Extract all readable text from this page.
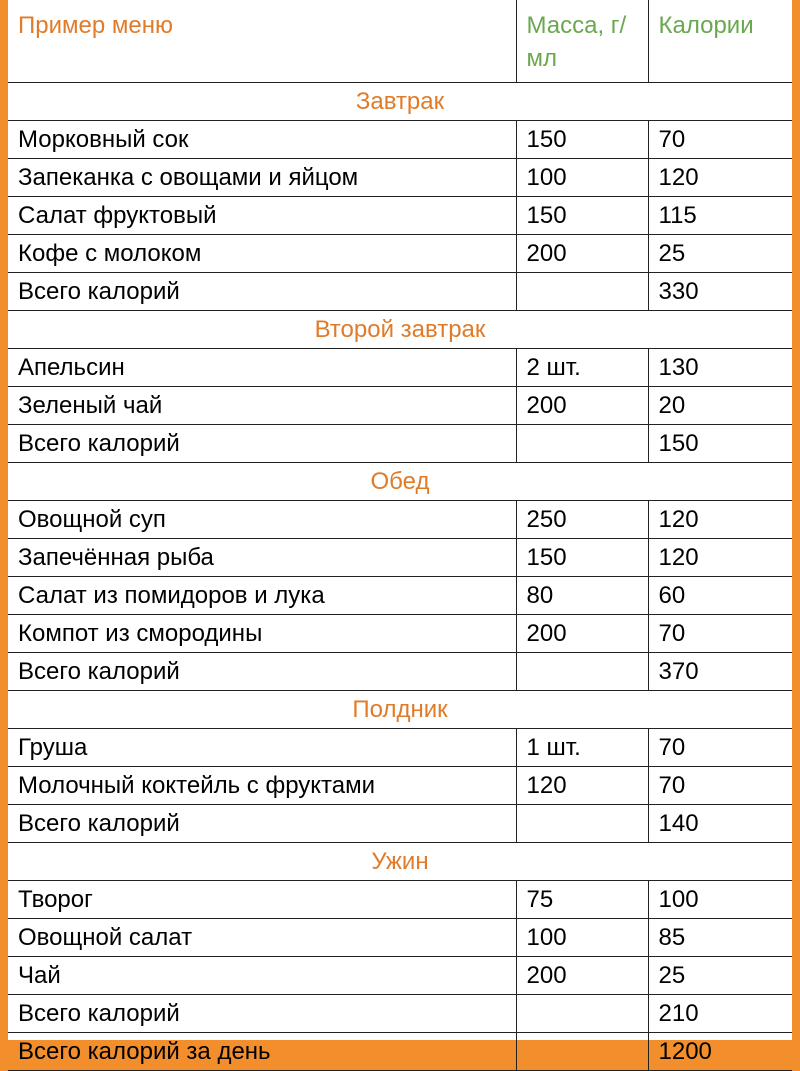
Пример меню	Масса, г/мл	Калории
Завтрак		
Морковный сок	150	70
Запеканка с овощами и яйцом	100	120
Салат фруктовый	150	115
Кофе с молоком	200	25
Всего калорий		330
Второй завтрак		
Апельсин	2 шт.	130
Зеленый чай	200	20
Всего калорий		150
Обед		
Овощной суп	250	120
Запечённая рыба	150	120
Салат из помидоров и лука	80	60
Компот из смородины	200	70
Всего калорий		370
Полдник		
Груша	1 шт.	70
Молочный коктейль с фруктами	120	70
Всего калорий		140
Ужин		
Творог	75	100
Овощной салат	100	85
Чай	200	25
Всего калорий		210
Всего калорий за день		1200
